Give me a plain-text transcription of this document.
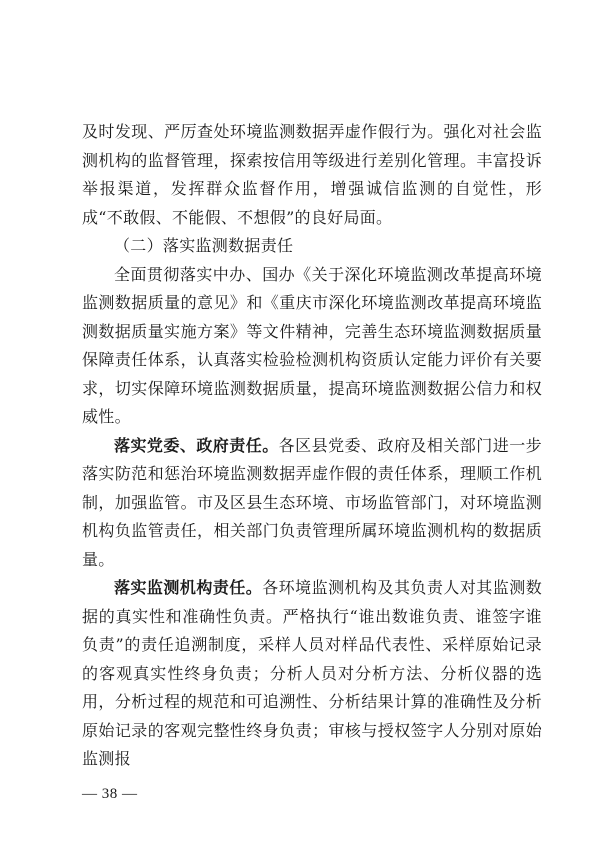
及时发现、严厉查处环境监测数据弄虚作假行为。强化对社会监测机构的监督管理，探索按信用等级进行差别化管理。丰富投诉举报渠道，发挥群众监督作用，增强诚信监测的自觉性，形成“不敢假、不能假、不想假”的良好局面。

（二）落实监测数据责任

全面贯彻落实中办、国办《关于深化环境监测改革提高环境监测数据质量的意见》和《重庆市深化环境监测改革提高环境监测数据质量实施方案》等文件精神，完善生态环境监测数据质量保障责任体系，认真落实检验检测机构资质认定能力评价有关要求，切实保障环境监测数据质量，提高环境监测数据公信力和权威性。

落实党委、政府责任。各区县党委、政府及相关部门进一步落实防范和惩治环境监测数据弄虚作假的责任体系，理顺工作机制，加强监管。市及区县生态环境、市场监管部门，对环境监测机构负监管责任，相关部门负责管理所属环境监测机构的数据质量。

落实监测机构责任。各环境监测机构及其负责人对其监测数据的真实性和准确性负责。严格执行“谁出数谁负责、谁签字谁负责”的责任追溯制度，采样人员对样品代表性、采样原始记录的客观真实性终身负责；分析人员对分析方法、分析仪器的选用，分析过程的规范和可追溯性、分析结果计算的准确性及分析原始记录的客观完整性终身负责；审核与授权签字人分别对原始监测报

— 38 —
